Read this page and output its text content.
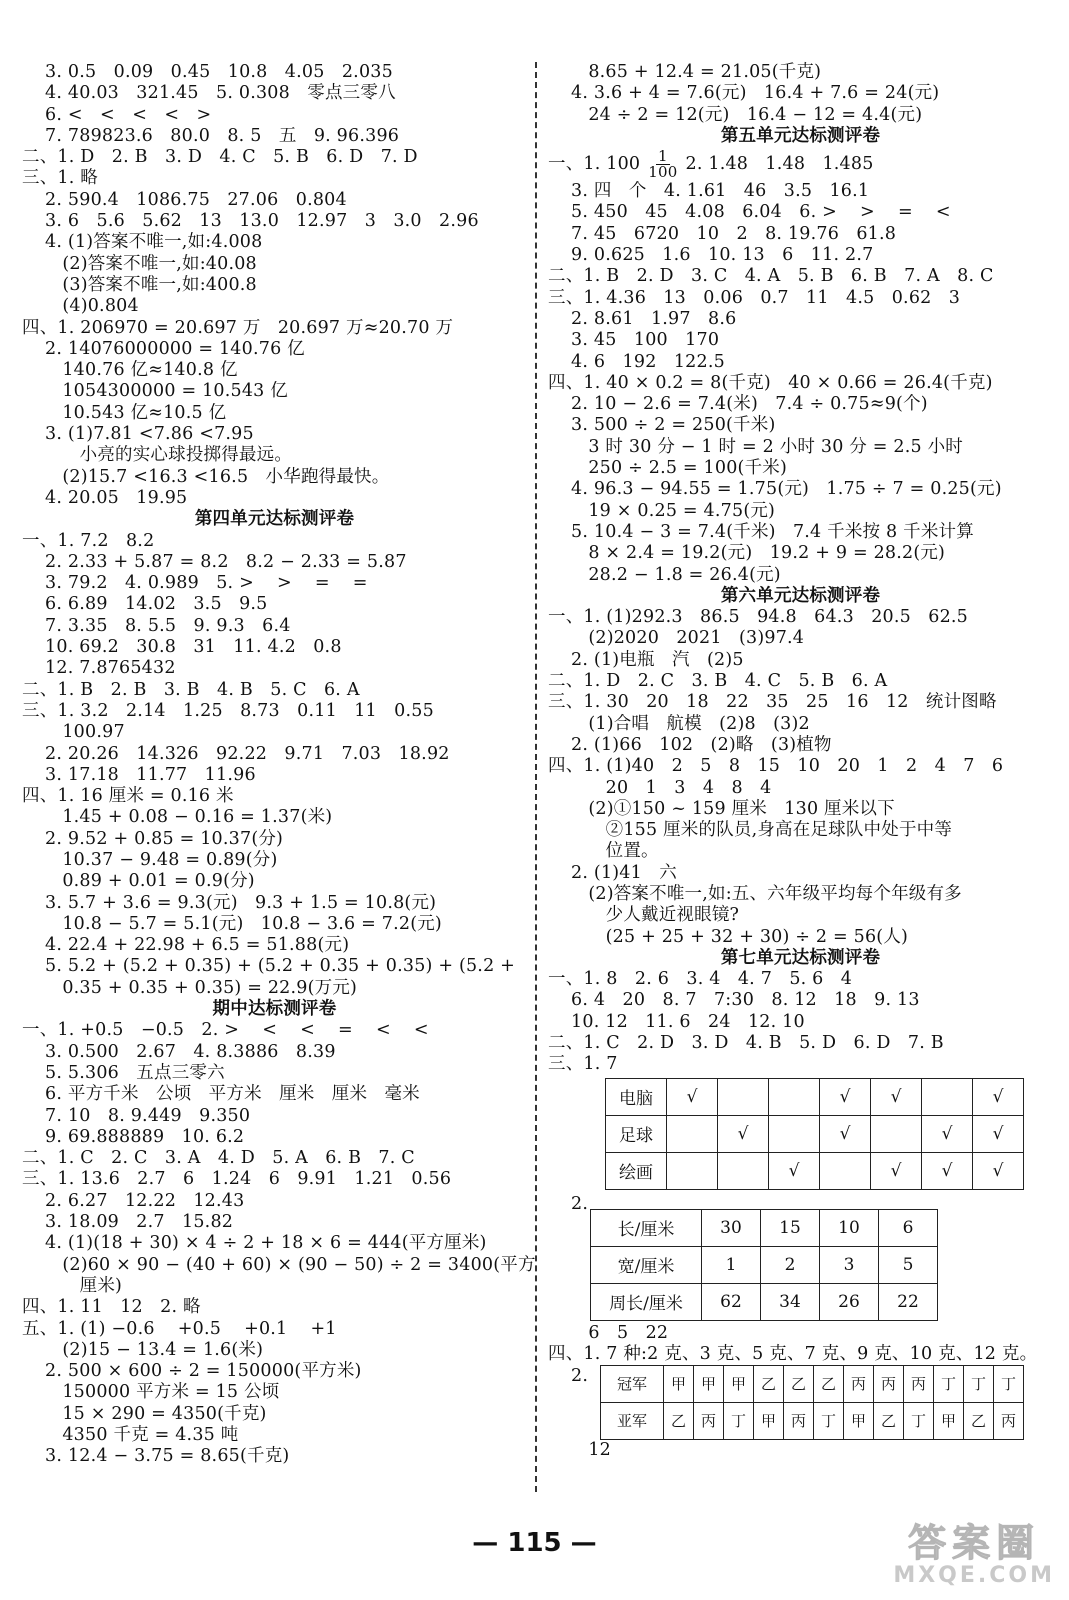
3. 0.5   0.09   0.45   10.8   4.05   2.035
4. 40.03   321.45   5. 0.308   零点三零八
6. <   <   <   <   >
7. 789823.6   80.0   8. 5   五   9. 96.396
二、1. D   2. B   3. D   4. C   5. B   6. D   7. D
三、1. 略
2. 590.4   1086.75   27.06   0.804
3. 6   5.6   5.62   13   13.0   12.97   3   3.0   2.96
4. (1)答案不唯一,如:4.008
(2)答案不唯一,如:40.08
(3)答案不唯一,如:400.8
(4)0.804
四、1. 206970 = 20.697 万   20.697 万≈20.70 万
2. 14076000000 = 140.76 亿
140.76 亿≈140.8 亿
1054300000 = 10.543 亿
10.543 亿≈10.5 亿
3. (1)7.81 <7.86 <7.95
小亮的实心球投掷得最远。
(2)15.7 <16.3 <16.5   小华跑得最快。
4. 20.05   19.95
第四单元达标测评卷
一、1. 7.2   8.2
2. 2.33 + 5.87 = 8.2   8.2 − 2.33 = 5.87
3. 79.2   4. 0.989   5. >    >    =    =
6. 6.89   14.02   3.5   9.5
7. 3.35   8. 5.5   9. 9.3   6.4
10. 69.2   30.8   31   11. 4.2   0.8
12. 7.8765432
二、1. B   2. B   3. B   4. B   5. C   6. A
三、1. 3.2   2.14   1.25   8.73   0.11   11   0.55
100.97
2. 20.26   14.326   92.22   9.71   7.03   18.92
3. 17.18   11.77   11.96
四、1. 16 厘米 = 0.16 米
1.45 + 0.08 − 0.16 = 1.37(米)
2. 9.52 + 0.85 = 10.37(分)
10.37 − 9.48 = 0.89(分)
0.89 + 0.01 = 0.9(分)
3. 5.7 + 3.6 = 9.3(元)   9.3 + 1.5 = 10.8(元)
10.8 − 5.7 = 5.1(元)   10.8 − 3.6 = 7.2(元)
4. 22.4 + 22.98 + 6.5 = 51.88(元)
5. 5.2 + (5.2 + 0.35) + (5.2 + 0.35 + 0.35) + (5.2 +
0.35 + 0.35 + 0.35) = 22.9(万元)
期中达标测评卷
一、1. +0.5   −0.5   2. >    <    <    =    <    <
3. 0.500   2.67   4. 8.3886   8.39
5. 5.306   五点三零六
6. 平方千米   公顷   平方米   厘米   厘米   毫米
7. 10   8. 9.449   9.350
9. 69.888889   10. 6.2
二、1. C   2. C   3. A   4. D   5. A   6. B   7. C
三、1. 13.6   2.7   6   1.24   6   9.91   1.21   0.56
2. 6.27   12.22   12.43
3. 18.09   2.7   15.82
4. (1)(18 + 30) × 4 ÷ 2 + 18 × 6 = 444(平方厘米)
(2)60 × 90 − (40 + 60) × (90 − 50) ÷ 2 = 3400(平方
厘米)
四、1. 11   12   2. 略
五、1. (1) −0.6    +0.5    +0.1    +1
(2)15 − 13.4 = 1.6(米)
2. 500 × 600 ÷ 2 = 150000(平方米)
150000 平方米 = 15 公顷
15 × 290 = 4350(千克)
4350 千克 = 4.35 吨
3. 12.4 − 3.75 = 8.65(千克)
8.65 + 12.4 = 21.05(千克)
4. 3.6 + 4 = 7.6(元)   16.4 + 7.6 = 24(元)
24 ÷ 2 = 12(元)   16.4 − 12 = 4.4(元)
第五单元达标测评卷
一、1. $100 \frac{1}{100} 2$. 1.48   1.48   1.485
3. 四   个   4. 1.61   46   3.5   16.1
5. 450   45   4.08   6.04   6. >    >    =    <
7. 45   6720   10   2   8. 19.76   61.8
9. 0.625   1.6   10. 13   6   11. 2.7
二、1. B   2. D   3. C   4. A   5. B   6. B   7. A   8. C
三、1. 4.36   13   0.06   0.7   11   4.5   0.62   3
2. 8.61   1.97   8.6
3. 45   100   170
4. 6   192   122.5
四、1. 40 × 0.2 = 8(千克)   40 × 0.66 = 26.4(千克)
2. 10 − 2.6 = 7.4(米)   7.4 ÷ 0.75≈9(个)
3. 500 ÷ 2 = 250(千米)
3 时 30 分 − 1 时 = 2 小时 30 分 = 2.5 小时
250 ÷ 2.5 = 100(千米)
4. 96.3 − 94.55 = 1.75(元)   1.75 ÷ 7 = 0.25(元)
19 × 0.25 = 4.75(元)
5. 10.4 − 3 = 7.4(千米)   7.4 千米按 8 千米计算
8 × 2.4 = 19.2(元)   19.2 + 9 = 28.2(元)
28.2 − 1.8 = 26.4(元)
第六单元达标测评卷
一、1. (1)292.3   86.5   94.8   64.3   20.5   62.5
(2)2020   2021   (3)97.4
2. (1)电瓶   汽   (2)5
二、1. D   2. C   3. B   4. C   5. B   6. A
三、1. 30   20   18   22   35   25   16   12   统计图略
(1)合唱   航模   (2)8   (3)2
2. (1)66   102   (2)略   (3)植物
四、1. (1)40   2   5   8   15   10   20   1   2   4   7   6
20   1   3   4   8   4
(2)①150 ~ 159 厘米   130 厘米以下
②155 厘米的队员,身高在足球队中处于中等
位置。
2. (1)41   六
(2)答案不唯一,如:五、六年级平均每个年级有多
少人戴近视眼镜?
(25 + 25 + 32 + 30) ÷ 2 = 56(人)
第七单元达标测评卷
一、1. 8   2. 6   3. 4   4. 7   5. 6   4
6. 4   20   8. 7   7:30   8. 12   18   9. 13
10. 12   11. 6   24   12. 10
二、1. C   2. D   3. D   4. B   5. D   6. D   7. B
三、1. 7
电脑	√			√	√		√
足球		√		√		√	√
绘画			√		√	√	√
2.
长/厘米	30	15	10	6
宽/厘米	1	2	3	5
周长/厘米	62	34	26	22
6   5   22
四、1. 7 种:2 克、3 克、5 克、7 克、9 克、10 克、12 克。
2.	冠军	甲	甲	甲	乙	乙	乙	丙	丙	丙	丁	丁	丁
亚军	乙	丙	丁	甲	丙	丁	甲	乙	丁	甲	乙	丙
12
— 115 —	答案圈
MXQE.COM
